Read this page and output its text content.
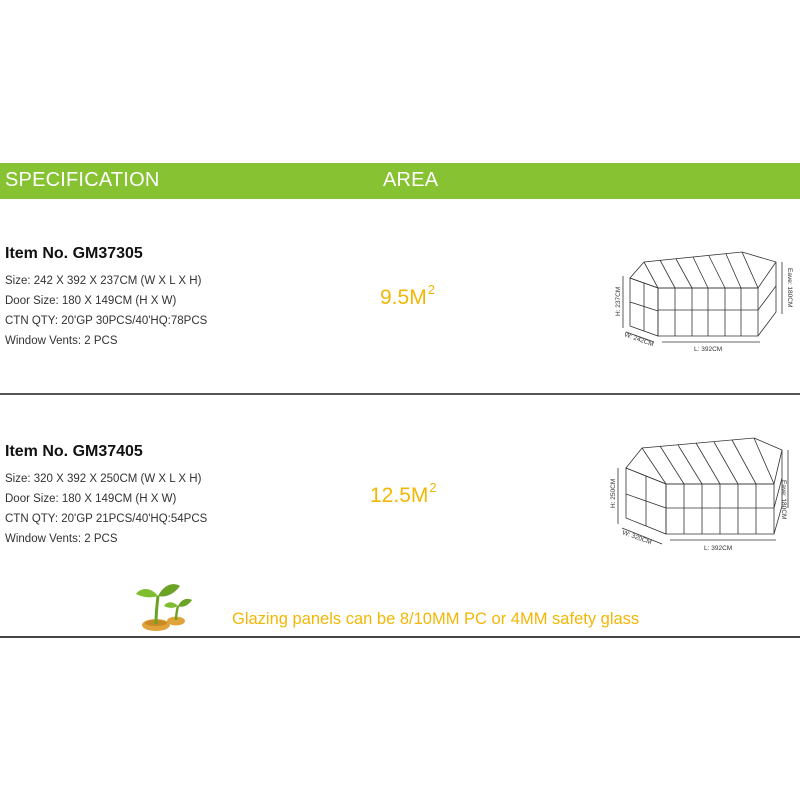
SPECIFICATION	AREA
Item No. GM37305
Size: 242 X 392 X 237CM (W X L X H)
Door Size: 180 X 149CM (H X W)
CTN QTY: 20'GP 30PCS/40'HQ:78PCS
Window Vents: 2 PCS
$9.5M^2$	H: 237CM	Eave: 180CM
W: 242CM
L: 392CM
Item No. GM37405
Size: 320 X 392 X 250CM (W X L X H)
Door Size: 180 X 149CM (H X W)
CTN QTY: 20'GP 21PCS/40'HQ:54PCS
Window Vents: 2 PCS
$12.5M^2$	H: 250CM	Eave: 180CM
W: 320CM
L: 392CM
Glazing panels can be 8/10MM PC or 4MM safety glass
